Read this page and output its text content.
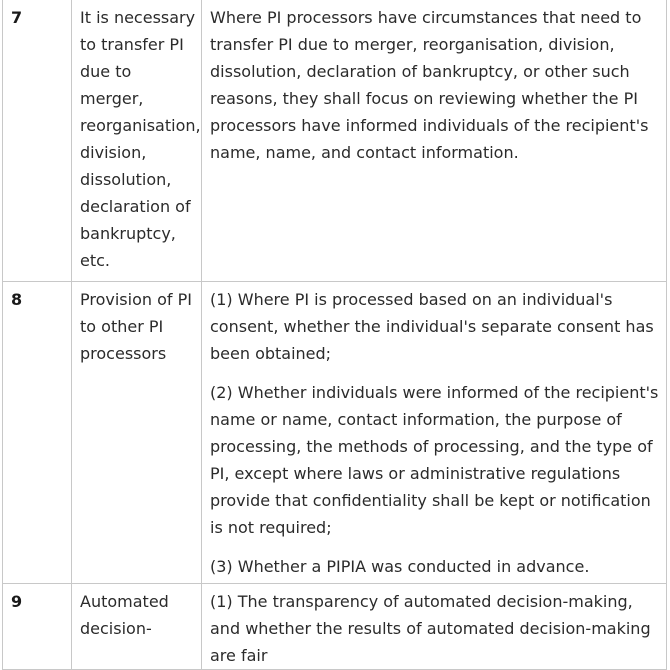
7	It is necessary to transfer PI due to merger, reorganisation, division, dissolution, declaration of bankruptcy, etc.	Where PI processors have circumstances that need to transfer PI due to merger, reorganisation, division, dissolution, declaration of bankruptcy, or other such reasons, they shall focus on reviewing whether the PI processors have informed individuals of the recipient's name, name, and contact information.

8	Provision of PI to other PI processors	(1) Where PI is processed based on an individual's consent, whether the individual's separate consent has been obtained;

(2) Whether individuals were informed of the recipient's name or name, contact information, the purpose of processing, the methods of processing, and the type of PI, except where laws or administrative regulations provide that confidentiality shall be kept or notification is not required;

(3) Whether a PIPIA was conducted in advance.

9	Automated decision-	(1) The transparency of automated decision-making, and whether the results of automated decision-making are fair
